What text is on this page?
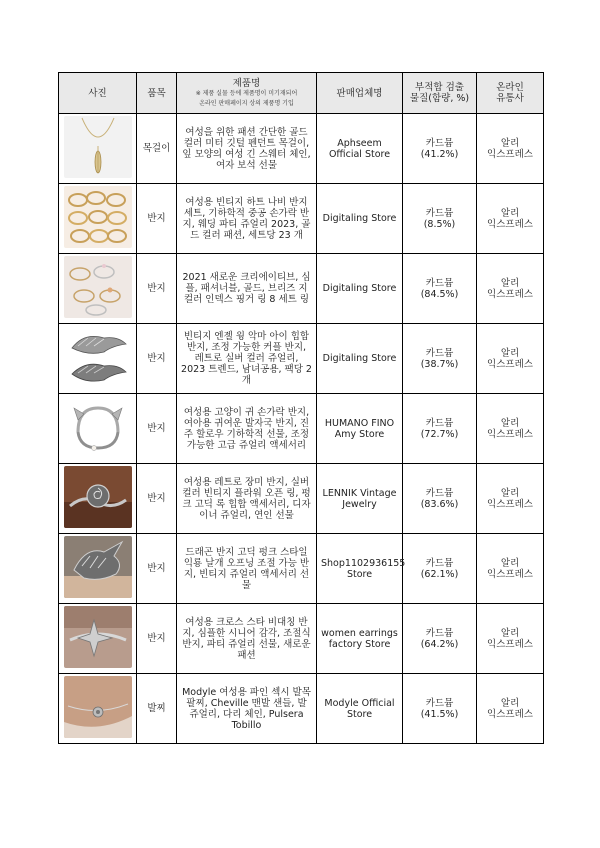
사진	품목	제품명
※ 제품 실물 등에 제품명이 미기재되어
온라인 판매페이지 상의 제품명 기입	판매업체명	부적합 검출
물질(함량, %)	온라인
유통사

	목걸이	여성을 위한 패션 간단한 골드 컬러 미터 깃털 펜던트 목걸이, 잎 모양의 여성 긴 스웨터 체인, 여자 보석 선물	Aphseem Official Store	카드뮴
(41.2%)	알리
익스프레스

	반지	여성용 빈티지 하트 나비 반지 세트, 기하학적 중공 손가락 반지, 웨딩 파티 쥬얼리 2023, 골드 컬러 패션, 세트당 23 개	Digitaling Store	카드뮴
(8.5%)	알리
익스프레스

	반지	2021 새로운 크리에이티브, 심플, 패셔너블, 골드, 브리즈 지 컬러 인덱스 핑거 링 8 세트 링	Digitaling Store	카드뮴
(84.5%)	알리
익스프레스

	반지	빈티지 엔젤 윙 악마 아이 힙합 반지, 조정 가능한 커플 반지, 레트로 실버 컬러 쥬얼리, 2023 트렌드, 남녀공용, 팩당 2 개	Digitaling Store	카드뮴
(38.7%)	알리
익스프레스

	반지	여성용 고양이 귀 손가락 반지, 여아용 귀여운 발자국 반지, 진주 할로우 기하학적 선물, 조정 가능한 고급 쥬얼리 액세서리	HUMANO FINO Amy Store	카드뮴
(72.7%)	알리
익스프레스

	반지	여성용 레트로 장미 반지, 실버 컬러 빈티지 플라워 오픈 링, 펑크 고딕 록 힙합 액세서리, 디자이너 쥬얼리, 연인 선물	LENNIK Vintage Jewelry	카드뮴
(83.6%)	알리
익스프레스

	반지	드래곤 반지 고딕 펑크 스타일 익룡 날개 오프닝 조절 가능 반지, 빈티지 쥬얼리 액세서리 선물	Shop1102936155 Store	카드뮴
(62.1%)	알리
익스프레스

	반지	여성용 크로스 스타 비대칭 반지, 심플한 시니어 감각, 조절식 반지, 파티 쥬얼리 선물, 새로운 패션	women earrings factory Store	카드뮴
(64.2%)	알리
익스프레스

	발찌	Modyle 여성용 파인 섹시 발목 팔찌, Cheville 맨발 샌들, 발 쥬얼리, 다리 체인, Pulsera Tobillo	Modyle Official Store	카드뮴
(41.5%)	알리
익스프레스
